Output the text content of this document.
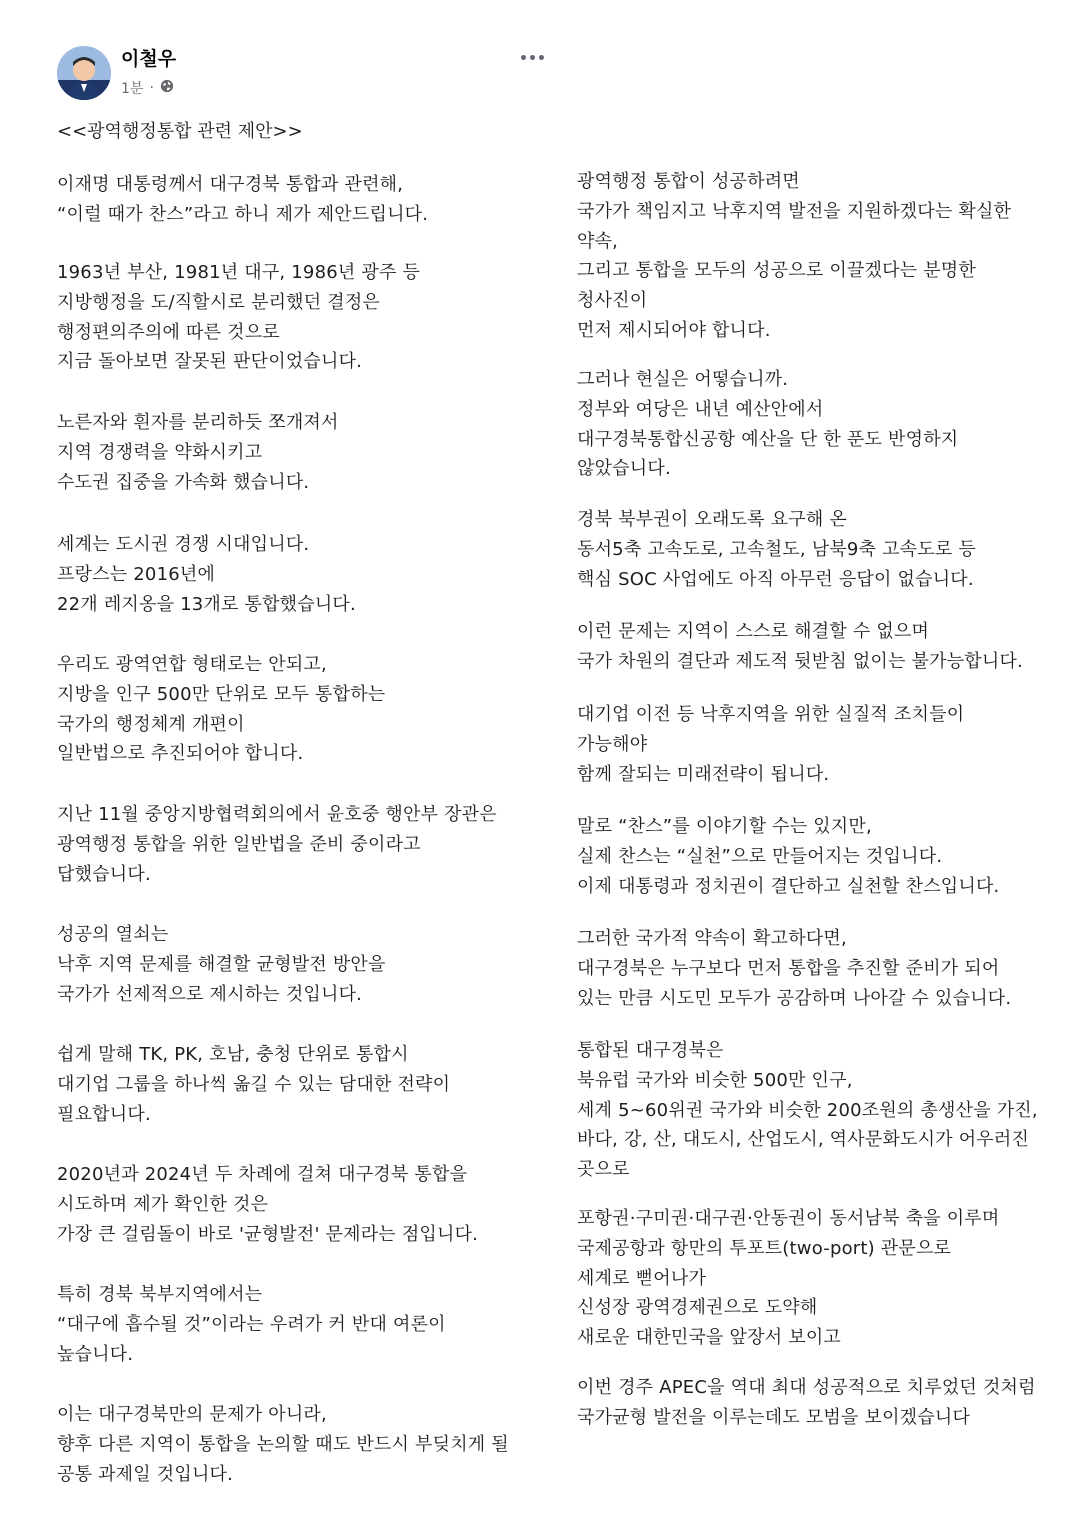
이철우
1분 ·
<<광역행정통합 관련 제안>>
이재명 대통령께서 대구경북 통합과 관련해,
“이럴 때가 찬스”라고 하니 제가 제안드립니다.
1963년 부산, 1981년 대구, 1986년 광주 등
지방행정을 도/직할시로 분리했던 결정은
행정편의주의에 따른 것으로
지금 돌아보면 잘못된 판단이었습니다.
노른자와 흰자를 분리하듯 쪼개져서
지역 경쟁력을 약화시키고
수도권 집중을 가속화 했습니다.
세계는 도시권 경쟁 시대입니다.
프랑스는 2016년에
22개 레지옹을 13개로 통합했습니다.
우리도 광역연합 형태로는 안되고,
지방을 인구 500만 단위로 모두 통합하는
국가의 행정체계 개편이
일반법으로 추진되어야 합니다.
지난 11월 중앙지방협력회의에서 윤호중 행안부 장관은
광역행정 통합을 위한 일반법을 준비 중이라고
답했습니다.
성공의 열쇠는
낙후 지역 문제를 해결할 균형발전 방안을
국가가 선제적으로 제시하는 것입니다.
쉽게 말해 TK, PK, 호남, 충청 단위로 통합시
대기업 그룹을 하나씩 옮길 수 있는 담대한 전략이
필요합니다.
2020년과 2024년 두 차례에 걸쳐 대구경북 통합을
시도하며 제가 확인한 것은
가장 큰 걸림돌이 바로 '균형발전' 문제라는 점입니다.
특히 경북 북부지역에서는
“대구에 흡수될 것”이라는 우려가 커 반대 여론이
높습니다.
이는 대구경북만의 문제가 아니라,
향후 다른 지역이 통합을 논의할 때도 반드시 부딪치게 될
공통 과제일 것입니다.
광역행정 통합이 성공하려면
국가가 책임지고 낙후지역 발전을 지원하겠다는 확실한
약속,
그리고 통합을 모두의 성공으로 이끌겠다는 분명한
청사진이
먼저 제시되어야 합니다.
그러나 현실은 어떻습니까.
정부와 여당은 내년 예산안에서
대구경북통합신공항 예산을 단 한 푼도 반영하지
않았습니다.
경북 북부권이 오래도록 요구해 온
동서5축 고속도로, 고속철도, 남북9축 고속도로 등
핵심 SOC 사업에도 아직 아무런 응답이 없습니다.
이런 문제는 지역이 스스로 해결할 수 없으며
국가 차원의 결단과 제도적 뒷받침 없이는 불가능합니다.
대기업 이전 등 낙후지역을 위한 실질적 조치들이
가능해야
함께 잘되는 미래전략이 됩니다.
말로 “찬스”를 이야기할 수는 있지만,
실제 찬스는 “실천”으로 만들어지는 것입니다.
이제 대통령과 정치권이 결단하고 실천할 찬스입니다.
그러한 국가적 약속이 확고하다면,
대구경북은 누구보다 먼저 통합을 추진할 준비가 되어
있는 만큼 시도민 모두가 공감하며 나아갈 수 있습니다.
통합된 대구경북은
북유럽 국가와 비슷한 500만 인구,
세계 5~60위권 국가와 비슷한 200조원의 총생산을 가진,
바다, 강, 산, 대도시, 산업도시, 역사문화도시가 어우러진
곳으로
포항권·구미권·대구권·안동권이 동서남북 축을 이루며
국제공항과 항만의 투포트(two-port) 관문으로
세계로 뻗어나가
신성장 광역경제권으로 도약해
새로운 대한민국을 앞장서 보이고
이번 경주 APEC을 역대 최대 성공적으로 치루었던 것처럼
국가균형 발전을 이루는데도 모범을 보이겠습니다
